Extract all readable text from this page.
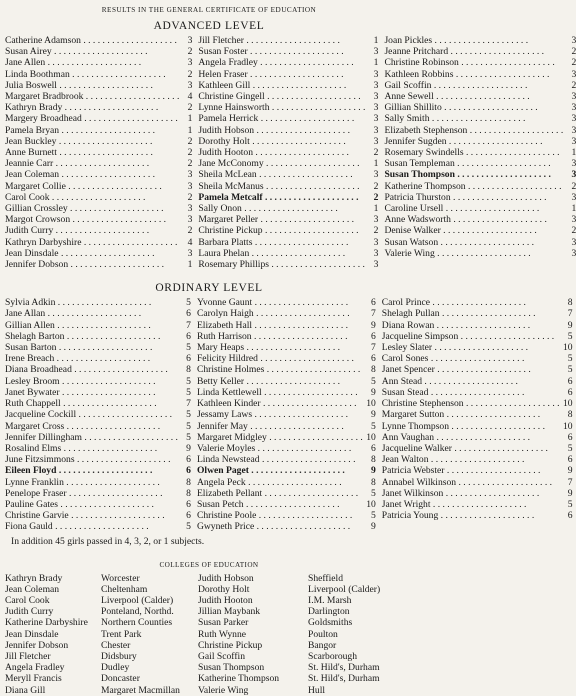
RESULTS IN THE GENERAL CERTIFICATE OF EDUCATION
ADVANCED LEVEL
Catherine Adamson . . . . . . . . . . . . . . . . . . . .	3
Susan Airey . . . . . . . . . . . . . . . . . . . .	2
Jane Allen . . . . . . . . . . . . . . . . . . . .	3
Linda Boothman . . . . . . . . . . . . . . . . . . . .	2
Julia Boswell . . . . . . . . . . . . . . . . . . . .	3
Margaret Bradbrook . . . . . . . . . . . . . . . . . . . . 4
Kathryn Brady . . . . . . . . . . . . . . . . . . . .	2
Margery Broadhead . . . . . . . . . . . . . . . . . . . .	1
Pamela Bryan . . . . . . . . . . . . . . . . . . . .	1
Jean Buckley . . . . . . . . . . . . . . . . . . . .	2
Anne Burnett . . . . . . . . . . . . . . . . . . . .	2
Jeannie Carr . . . . . . . . . . . . . . . . . . . .	2
Jean Coleman . . . . . . . . . . . . . . . . . . . .	3
Margaret Collie . . . . . . . . . . . . . . . . . . . .	3
Carol Cook . . . . . . . . . . . . . . . . . . . .	2
Gillian Crossley . . . . . . . . . . . . . . . . . . . .	3
Margot Crowson . . . . . . . . . . . . . . . . . . . .	3
Judith Curry . . . . . . . . . . . . . . . . . . . .	2
Kathryn Darbyshire . . . . . . . . . . . . . . . . . . . .	4
Jean Dinsdale . . . . . . . . . . . . . . . . . . . .	3
Jennifer Dobson . . . . . . . . . . . . . . . . . . . .	1
Jill Fletcher . . . . . . . . . . . . . . . . . . . .	1
Susan Foster . . . . . . . . . . . . . . . . . . . .	3
Angela Fradley . . . . . . . . . . . . . . . . . . . .	1
Helen Fraser . . . . . . . . . . . . . . . . . . . .	3
Kathleen Gill . . . . . . . . . . . . . . . . . . . .	3
Christine Gingell . . . . . . . . . . . . . . . . . . . .	3
Lynne Hainsworth . . . . . . . . . . . . . . . . . . . . 3
Pamela Herrick . . . . . . . . . . . . . . . . . . . .	3
Judith Hobson . . . . . . . . . . . . . . . . . . . .	3
Dorothy Holt . . . . . . . . . . . . . . . . . . . .	3
Judith Hooton . . . . . . . . . . . . . . . . . . . .	2
Jane McConomy . . . . . . . . . . . . . . . . . . . .	1
Sheila McLean . . . . . . . . . . . . . . . . . . . .	3
Sheila McManus . . . . . . . . . . . . . . . . . . . .	2
Pamela Metcalf . . . . . . . . . . . . . . . . . . . .	2
Sally Onon . . . . . . . . . . . . . . . . . . . .	1
Margaret Peller . . . . . . . . . . . . . . . . . . . .	3
Christine Pickup . . . . . . . . . . . . . . . . . . . .	2
Barbara Platts . . . . . . . . . . . . . . . . . . . .	3
Laura Phelan . . . . . . . . . . . . . . . . . . . .	3
Rosemary Phillips . . . . . . . . . . . . . . . . . . . . 3
Joan Pickles . . . . . . . . . . . . . . . . . . . .	3
Jeanne Pritchard . . . . . . . . . . . . . . . . . . . .	2
Christine Robinson . . . . . . . . . . . . . . . . . . . .	2
Kathleen Robbins . . . . . . . . . . . . . . . . . . . .	3
Gail Scoffin . . . . . . . . . . . . . . . . . . . .	2
Anne Sewell . . . . . . . . . . . . . . . . . . . .	3
Gillian Shillito . . . . . . . . . . . . . . . . . . . .	3
Sally Smith . . . . . . . . . . . . . . . . . . . .	3
Elizabeth Stephenson . . . . . . . . . . . . . . . . . . . . 3
Jennifer Sugden . . . . . . . . . . . . . . . . . . . .	3
Rosemary Swindells . . . . . . . . . . . . . . . . . . . .	1
Susan Templeman . . . . . . . . . . . . . . . . . . . .	3
Susan Thompson . . . . . . . . . . . . . . . . . . . .	3
Katherine Thompson . . . . . . . . . . . . . . . . . . . .	2
Patricia Thurston . . . . . . . . . . . . . . . . . . . .	3
Caroline Ursell . . . . . . . . . . . . . . . . . . . .	1
Anne Wadsworth . . . . . . . . . . . . . . . . . . . .	3
Denise Walker . . . . . . . . . . . . . . . . . . . .	2
Susan Watson . . . . . . . . . . . . . . . . . . . .	3
Valerie Wing . . . . . . . . . . . . . . . . . . . .	3
ORDINARY LEVEL
Sylvia Adkin . . . . . . . . . . . . . . . . . . . .	5
Jane Allan . . . . . . . . . . . . . . . . . . . .	6
Gillian Allen . . . . . . . . . . . . . . . . . . . .	7
Shelagh Barton . . . . . . . . . . . . . . . . . . . .	6
Susan Barton . . . . . . . . . . . . . . . . . . . .	5
Irene Breach . . . . . . . . . . . . . . . . . . . .	6
Diana Broadhead . . . . . . . . . . . . . . . . . . . .	8
Lesley Broom . . . . . . . . . . . . . . . . . . . .	5
Janet Bywater . . . . . . . . . . . . . . . . . . . .	5
Ruth Chappell . . . . . . . . . . . . . . . . . . . .	7
Jacqueline Cockill . . . . . . . . . . . . . . . . . . . .	5
Margaret Cross . . . . . . . . . . . . . . . . . . . .	5
Jennifer Dillingham . . . . . . . . . . . . . . . . . . . . 5
Rosalind Elms . . . . . . . . . . . . . . . . . . . .	9
June Fitzsimmons . . . . . . . . . . . . . . . . . . . .	6
Eileen Floyd . . . . . . . . . . . . . . . . . . . .	6
Lynne Franklin . . . . . . . . . . . . . . . . . . . .	8
Penelope Fraser . . . . . . . . . . . . . . . . . . . .	8
Pauline Gates . . . . . . . . . . . . . . . . . . . .	6
Christine Garvie . . . . . . . . . . . . . . . . . . . .	6
Fiona Gauld . . . . . . . . . . . . . . . . . . . .	5
Yvonne Gaunt . . . . . . . . . . . . . . . . . . . .	6
Carolyn Haigh . . . . . . . . . . . . . . . . . . . .	7
Elizabeth Hall . . . . . . . . . . . . . . . . . . . .	9
Ruth Harrison . . . . . . . . . . . . . . . . . . . .	6
Mary Heaps . . . . . . . . . . . . . . . . . . . .	7
Felicity Hildred . . . . . . . . . . . . . . . . . . . .	6
Christine Holmes . . . . . . . . . . . . . . . . . . . .	8
Betty Keller . . . . . . . . . . . . . . . . . . . .	5
Linda Kettlewell . . . . . . . . . . . . . . . . . . . .	9
Kathleen Kinder . . . . . . . . . . . . . . . . . . . .	10
Jessamy Laws . . . . . . . . . . . . . . . . . . . .	9
Jennifer May . . . . . . . . . . . . . . . . . . . .	5
Margaret Midgley . . . . . . . . . . . . . . . . . . . . 10
Valerie Moyles . . . . . . . . . . . . . . . . . . . .	6
Linda Newstead . . . . . . . . . . . . . . . . . . . .	8
Olwen Paget . . . . . . . . . . . . . . . . . . . .	9
Angela Peck . . . . . . . . . . . . . . . . . . . .	8
Elizabeth Pellant . . . . . . . . . . . . . . . . . . . .	5
Susan Petch . . . . . . . . . . . . . . . . . . . .	10
Christine Poole . . . . . . . . . . . . . . . . . . . .	5
Gwyneth Price . . . . . . . . . . . . . . . . . . . .	9
Carol Prince . . . . . . . . . . . . . . . . . . . .	8
Shelagh Pullan . . . . . . . . . . . . . . . . . . . .	7
Diana Rowan . . . . . . . . . . . . . . . . . . . .	9
Jacqueline Simpson . . . . . . . . . . . . . . . . . . . .	5
Lesley Slater . . . . . . . . . . . . . . . . . . . .	10
Carol Sones . . . . . . . . . . . . . . . . . . . .	5
Janet Spencer . . . . . . . . . . . . . . . . . . . .	5
Ann Stead . . . . . . . . . . . . . . . . . . . .	6
Susan Stead . . . . . . . . . . . . . . . . . . . .	6
Christine Stephenson . . . . . . . . . . . . . . . . . . . . 10
Margaret Sutton . . . . . . . . . . . . . . . . . . . .	8
Lynne Thompson . . . . . . . . . . . . . . . . . . . .	10
Ann Vaughan . . . . . . . . . . . . . . . . . . . .	6
Jacqueline Walker . . . . . . . . . . . . . . . . . . . .	5
Jean Walton . . . . . . . . . . . . . . . . . . . .	6
Patricia Webster . . . . . . . . . . . . . . . . . . . .	9
Annabel Wilkinson . . . . . . . . . . . . . . . . . . . .	7
Janet Wilkinson . . . . . . . . . . . . . . . . . . . .	9
Janet Wright . . . . . . . . . . . . . . . . . . . .	5
Patricia Young . . . . . . . . . . . . . . . . . . . .	6
In addition 45 girls passed in 4, 3, 2, or 1 subjects.
COLLEGES OF EDUCATION
Kathryn Brady	Worcester	Judith Hobson	Sheffield
Jean Coleman	Cheltenham	Dorothy Holt	Liverpool (Calder)
Carol Cook	Liverpool (Calder)	Judith Hooton	I.M. Marsh
Judith Curry	Ponteland, Northd.	Jillian Maybank	Darlington
Katherine Darbyshire	Northern Counties	Susan Parker	Goldsmiths
Jean Dinsdale	Trent Park	Ruth Wynne	Poulton
Jennifer Dobson	Chester	Christine Pickup	Bangor
Jill Fletcher	Didsbury	Gail Scoffin	Scarborough
Angela Fradley	Dudley	Susan Thompson	St. Hild's, Durham
Meryll Francis	Doncaster	Katherine Thompson	St. Hild's, Durham
Diana Gill	Margaret Macmillan	Valerie Wing	Hull
